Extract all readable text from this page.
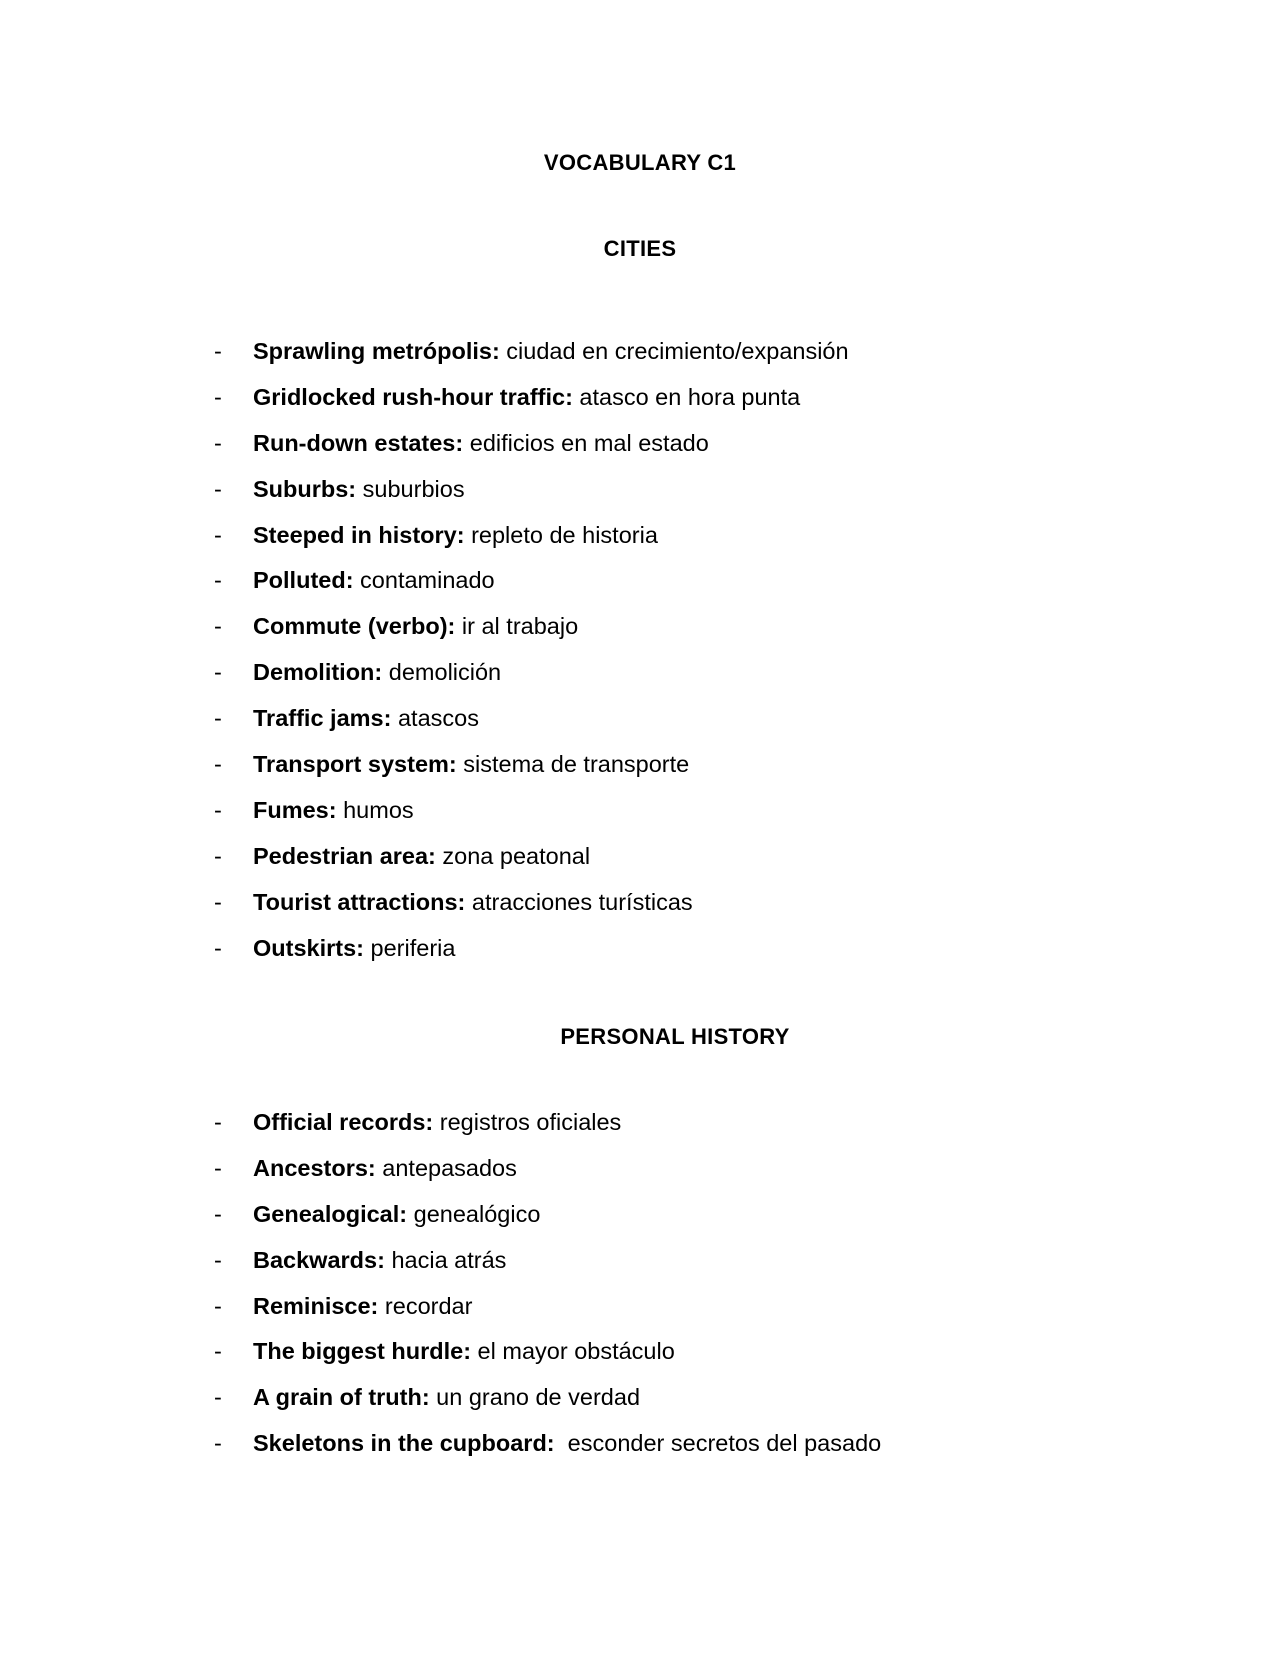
VOCABULARY C1
CITIES
- Sprawling metrópolis: ciudad en crecimiento/expansión
- Gridlocked rush-hour traffic: atasco en hora punta
- Run-down estates: edificios en mal estado
- Suburbs: suburbios
- Steeped in history: repleto de historia
- Polluted: contaminado
- Commute (verbo): ir al trabajo
- Demolition: demolición
- Traffic jams: atascos
- Transport system: sistema de transporte
- Fumes: humos
- Pedestrian area: zona peatonal
- Tourist attractions: atracciones turísticas
- Outskirts: periferia
PERSONAL HISTORY
- Official records: registros oficiales
- Ancestors: antepasados
- Genealogical: genealógico
- Backwards: hacia atrás
- Reminisce: recordar
- The biggest hurdle: el mayor obstáculo
- A grain of truth: un grano de verdad
- Skeletons in the cupboard:  esconder secretos del pasado
